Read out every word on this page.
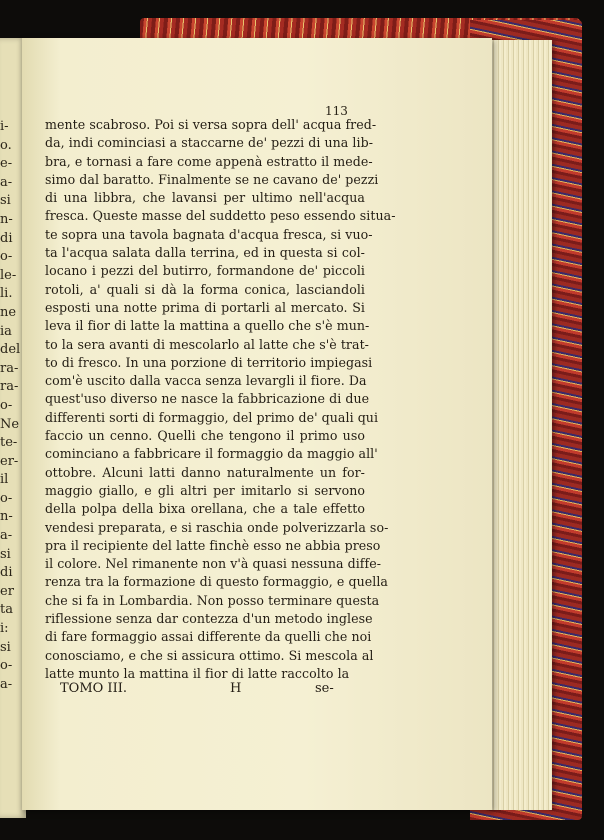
i-
o.
e-
a-
si
n-
di
o-
le-
li.
ne
ia
del
ra-
ra-
o-
Ne
te-
er-
il
o-
n-
a-
si
di
er
ta
i:
si
o-
a-
113
mente scabroso. Poi si versa sopra dell' acqua fred-
da, indi cominciasi a staccarne de' pezzi di una lib-
bra, e tornasi a fare come appenà estratto il mede-
simo dal baratto. Finalmente se ne cavano de' pezzi
di una libbra, che lavansi per ultimo nell'acqua
fresca. Queste masse del suddetto peso essendo situa-
te sopra una tavola bagnata d'acqua fresca, si vuo-
ta l'acqua salata dalla terrina, ed in questa si col-
locano i pezzi del butirro, formandone de' piccoli
rotoli, a' quali si dà la forma conica, lasciandoli
esposti una notte prima di portarli al mercato. Si
leva il fior di latte la mattina a quello che s'è mun-
to la sera avanti di mescolarlo al latte che s'è trat-
to di fresco. In una porzione di territorio impiegasi
com'è uscito dalla vacca senza levargli il fiore. Da
quest'uso diverso ne nasce la fabbricazione di due
differenti sorti di formaggio, del primo de' quali qui
faccio un cenno. Quelli che tengono il primo uso
cominciano a fabbricare il formaggio da maggio all'
ottobre. Alcuni latti danno naturalmente un for-
maggio giallo, e gli altri per imitarlo si servono
della polpa della bixa orellana, che a tale effetto
vendesi preparata, e si raschia onde polverizzarla so-
pra il recipiente del latte finchè esso ne abbia preso
il colore. Nel rimanente non v'à quasi nessuna diffe-
renza tra la formazione di questo formaggio, e quella
che si fa in Lombardia. Non posso terminare questa
riflessione senza dar contezza d'un metodo inglese
di fare formaggio assai differente da quelli che noi
conosciamo, e che si assicura ottimo. Si mescola al
latte munto la mattina il fior di latte raccolto la
TOMO III.	H	se-
